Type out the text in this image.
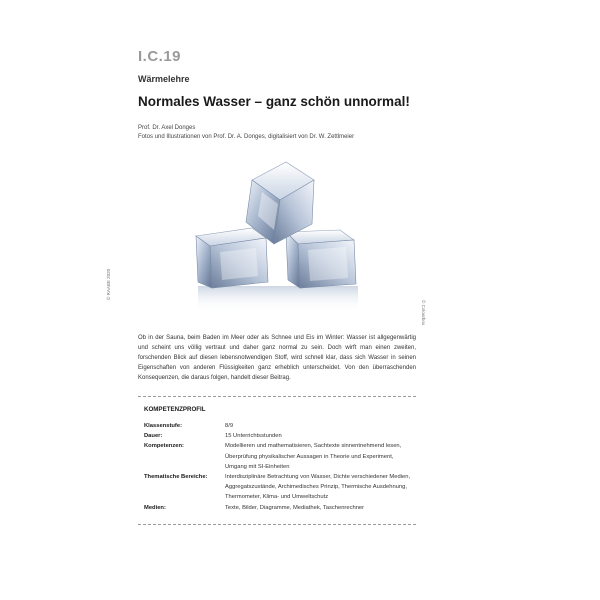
I.C.19
Wärmelehre
Normales Wasser – ganz schön unnormal!
Prof. Dr. Axel Donges
Fotos und Illustrationen von Prof. Dr. A. Donges, digitalisiert von Dr. W. Zettlmeier
© RAABE 2020
© Colourbox
Ob in der Sauna, beim Baden im Meer oder als Schnee und Eis im Winter: Wasser ist allgegenwärtig und scheint uns völlig vertraut und daher ganz normal zu sein. Doch wirft man einen zweiten, forschenden Blick auf diesen lebensnotwendigen Stoff, wird schnell klar, dass sich Wasser in seinen Eigenschaften von anderen Flüssigkeiten ganz erheblich unterscheidet. Von den überraschenden Konsequenzen, die daraus folgen, handelt dieser Beitrag.
KOMPETENZPROFIL
Klassenstufe:	8/9
Dauer:	15 Unterrichtsstunden
Kompetenzen:	Modellieren und mathematisieren, Sachtexte sinnentnehmend lesen, Überprüfung physikalischer Aussagen in Theorie und Experiment, Umgang mit SI-Einheiten
Thematische Bereiche:	Interdisziplinäre Betrachtung von Wasser, Dichte verschiedener Medien, Aggregatszustände, Archimedisches Prinzip, Thermische Ausdehnung, Thermometer, Klima- und Umweltschutz
Medien:	Texte, Bilder, Diagramme, Mediathek, Taschenrechner
